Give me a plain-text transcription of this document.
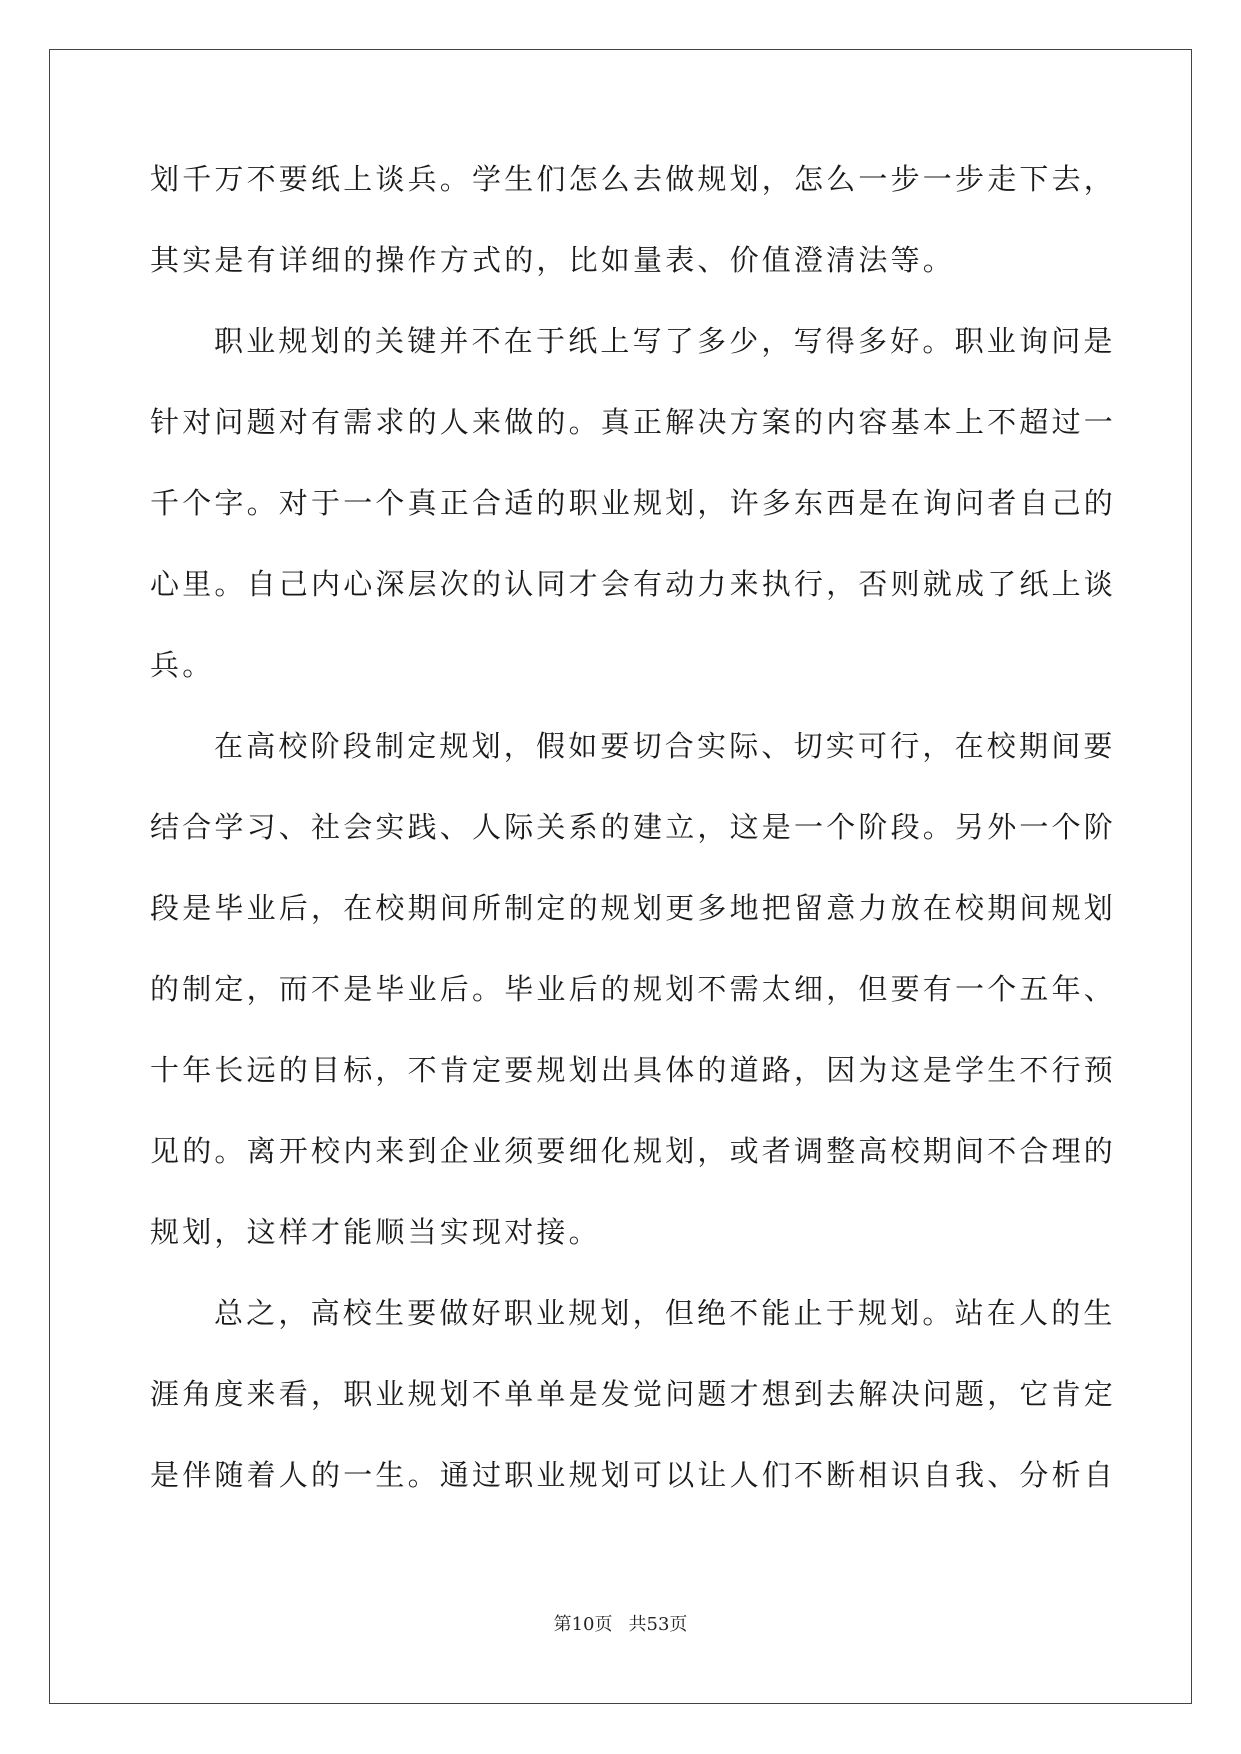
划千万不要纸上谈兵。学生们怎么去做规划，怎么一步一步走下去，
其实是有详细的操作方式的，比如量表、价值澄清法等。
职业规划的关键并不在于纸上写了多少，写得多好。职业询问是
针对问题对有需求的人来做的。真正解决方案的内容基本上不超过一
千个字。对于一个真正合适的职业规划，许多东西是在询问者自己的
心里。自己内心深层次的认同才会有动力来执行，否则就成了纸上谈
兵。
在高校阶段制定规划，假如要切合实际、切实可行，在校期间要
结合学习、社会实践、人际关系的建立，这是一个阶段。另外一个阶
段是毕业后，在校期间所制定的规划更多地把留意力放在校期间规划
的制定，而不是毕业后。毕业后的规划不需太细，但要有一个五年、
十年长远的目标，不肯定要规划出具体的道路，因为这是学生不行预
见的。离开校内来到企业须要细化规划，或者调整高校期间不合理的
规划，这样才能顺当实现对接。
总之，高校生要做好职业规划，但绝不能止于规划。站在人的生
涯角度来看，职业规划不单单是发觉问题才想到去解决问题，它肯定
是伴随着人的一生。通过职业规划可以让人们不断相识自我、分析自
第10页 共53页
